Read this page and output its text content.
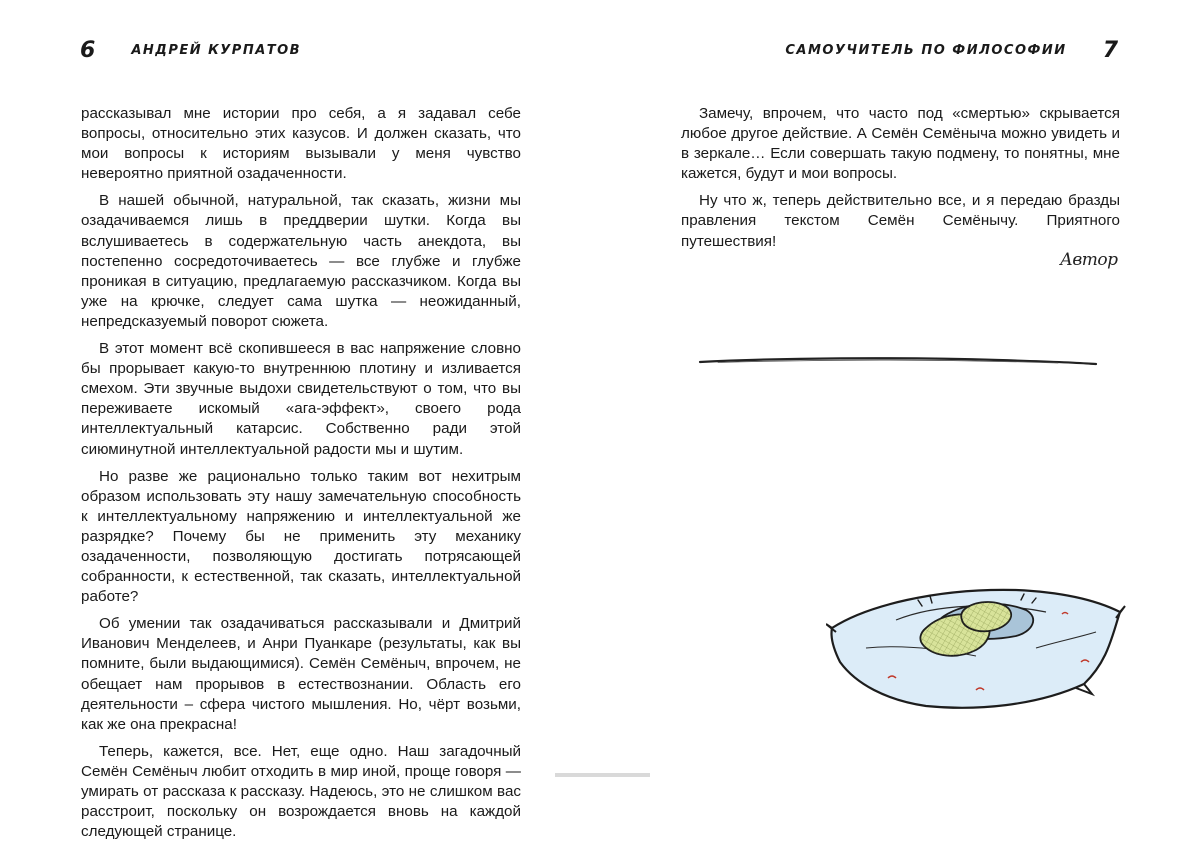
6	АНДРЕЙ КУРПАТОВ	САМОУЧИТЕЛЬ ПО ФИЛОСОФИИ 7

рассказывал мне истории про себя, а я задавал себе вопросы, относительно этих казусов. И должен сказать, что мои вопросы к историям вызывали у меня чувство невероятно приятной озадаченности.

В нашей обычной, натуральной, так сказать, жизни мы озадачиваемся лишь в преддверии шутки. Когда вы вслушиваетесь в содержательную часть анекдота, вы постепенно сосредоточиваетесь — все глубже и глубже проникая в ситуацию, предлагаемую рассказчиком. Когда вы уже на крючке, следует сама шутка — неожиданный, непредсказуемый поворот сюжета.

В этот момент всё скопившееся в вас напряжение словно бы прорывает какую-то внутреннюю плотину и изливается смехом. Эти звучные выдохи свидетельствуют о том, что вы переживаете искомый «ага-эффект», своего рода интеллектуальный катарсис. Собственно ради этой сиюминутной интеллектуальной радости мы и шутим.

Но разве же рационально только таким вот нехитрым образом использовать эту нашу замечательную способность к интеллектуальному напряжению и интеллектуальной же разрядке? Почему бы не применить эту механику озадаченности, позволяющую достигать потрясающей собранности, к естественной, так сказать, интеллектуальной работе?

Об умении так озадачиваться рассказывали и Дмитрий Иванович Менделеев, и Анри Пуанкаре (результаты, как вы помните, были выдающимися). Семён Семёныч, впрочем, не обещает нам прорывов в естествознании. Область его деятельности – сфера чистого мышления. Но, чёрт возьми, как же она прекрасна!

Теперь, кажется, все. Нет, еще одно. Наш загадочный Семён Семёныч любит отходить в мир иной, проще говоря — умирать от рассказа к рассказу. Надеюсь, это не слишком вас расстроит, поскольку он возрождается вновь на каждой следующей странице.

Замечу, впрочем, что часто под «смертью» скрывается любое другое действие. А Семён Семёныча можно увидеть и в зеркале… Если совершать такую подмену, то понятны, мне кажется, будут и мои вопросы.

Ну что ж, теперь действительно все, и я передаю бразды правления текстом Семён Семёнычу. Приятного путешествия!

Автор
